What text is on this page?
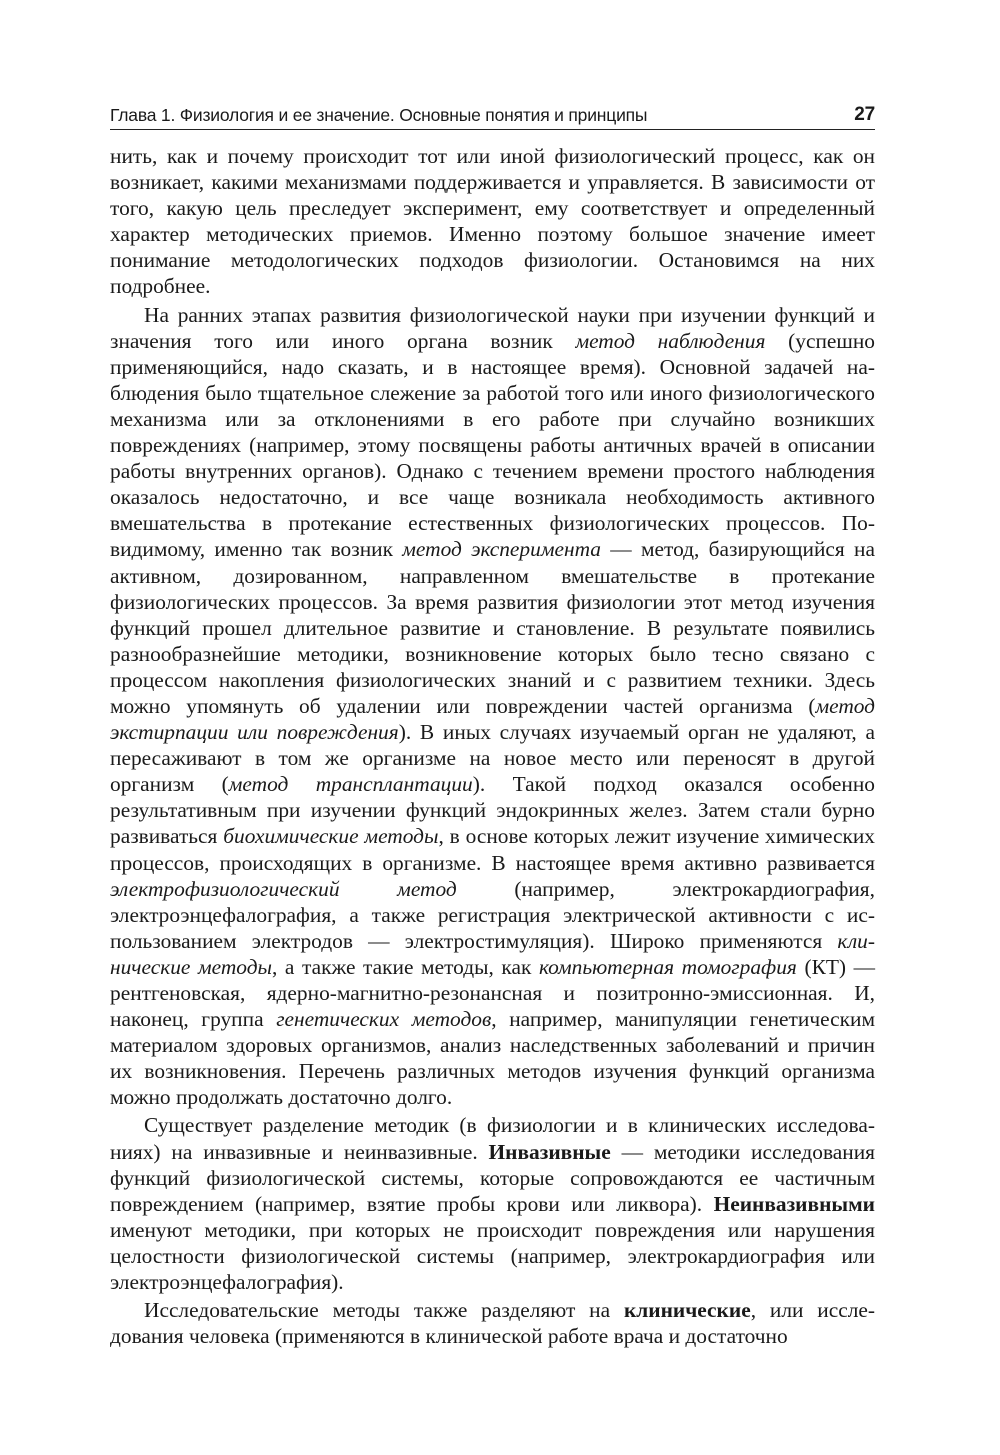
Глава 1. Физиология и ее значение. Основные понятия и принципы	27

нить, как и почему происходит тот или иной физиологический процесс, как он возникает, какими механизмами поддерживается и управляется. В зависимости от того, какую цель преследует эксперимент, ему соответствует и определенный характер методических приемов. Именно поэтому большое значение имеет понимание методологических подходов физиологии. Остановимся на них подробнее.

На ранних этапах развития физиологической науки при изучении функций и значения того или иного органа возник метод наблюдения (успешно применяющийся, надо сказать, и в настоящее время). Основной задачей наблюдения было тщательное слежение за работой того или иного физиологического механизма или за отклонениями в его работе при случайно возникших повреждениях (например, этому посвящены работы античных врачей в описании работы внутренних органов). Однако с течением времени простого наблюдения оказалось недостаточно, и все чаще возникала необходимость активного вмешательства в протекание естественных физиологических процессов. По-видимому, именно так возник метод эксперимента — метод, базирующийся на активном, дозированном, направленном вмешательстве в протекание физиологических процессов. За время развития физиологии этот метод изучения функций прошел длительное развитие и становление. В результате появились разнообразнейшие методики, возникновение которых было тесно связано с процессом накопления физиологических знаний и с развитием техники. Здесь можно упомянуть об удалении или повреждении частей организма (метод экстирпации или повреждения). В иных случаях изучаемый орган не удаляют, а пересаживают в том же организме на новое место или переносят в другой организм (метод трансплантации). Такой подход оказался особенно результативным при изучении функций эндокринных желез. Затем стали бурно развиваться биохимические методы, в основе которых лежит изучение химических процессов, происходящих в организме. В настоящее время активно развивается электрофизиологический метод (например, электрокардиография, электроэнцефалография, а также регистрация электрической активности с использованием электродов — электростимуляция). Широко применяются клинические методы, а также такие методы, как компьютерная томография (КТ) — рентгеновская, ядерно-магнитно-резонансная и позитронно-эмиссионная. И, наконец, группа генетических методов, например, манипуляции генетическим материалом здоровых организмов, анализ наследственных заболеваний и причин их возникновения. Перечень различных методов изучения функций организма можно продолжать достаточно долго.

Существует разделение методик (в физиологии и в клинических исследованиях) на инвазивные и неинвазивные. Инвазивные — методики исследования функций физиологической системы, которые сопровождаются ее частичным повреждением (например, взятие пробы крови или ликвора). Неинвазивными именуют методики, при которых не происходит повреждения или нарушения целостности физиологической системы (например, электрокардиография или электроэнцефалография).

Исследовательские методы также разделяют на клинические, или исследования человека (применяются в клинической работе врача и достаточно
